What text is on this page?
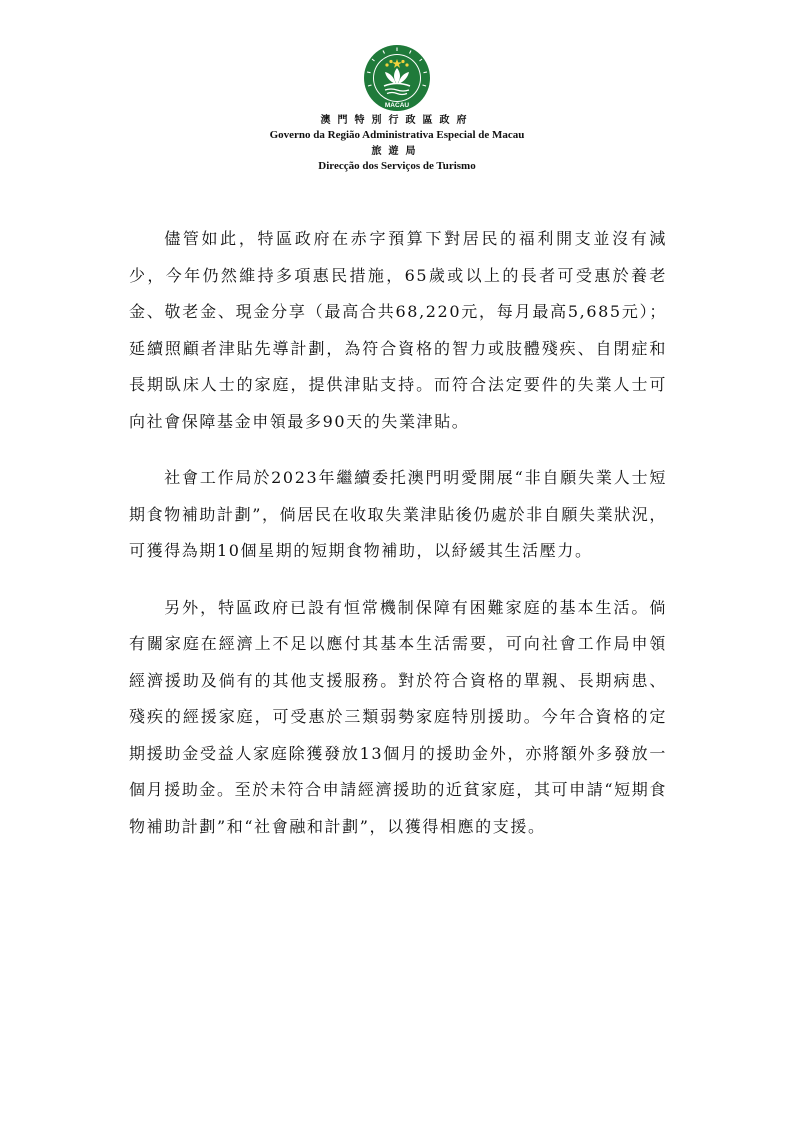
MACAU
澳門特別行政區政府
Governo da Região Administrativa Especial de Macau
旅遊局
Direcção dos Serviços de Turismo

儘管如此，特區政府在赤字預算下對居民的福利開支並沒有減少，今年仍然維持多項惠民措施，65歲或以上的長者可受惠於養老金、敬老金、現金分享（最高合共68,220元，每月最高5,685元）；延續照顧者津貼先導計劃，為符合資格的智力或肢體殘疾、自閉症和長期臥床人士的家庭，提供津貼支持。而符合法定要件的失業人士可向社會保障基金申領最多90天的失業津貼。

社會工作局於2023年繼續委托澳門明愛開展“非自願失業人士短期食物補助計劃”，倘居民在收取失業津貼後仍處於非自願失業狀況，可獲得為期10個星期的短期食物補助，以紓緩其生活壓力。

另外，特區政府已設有恒常機制保障有困難家庭的基本生活。倘有關家庭在經濟上不足以應付其基本生活需要，可向社會工作局申領經濟援助及倘有的其他支援服務。對於符合資格的單親、長期病患、殘疾的經援家庭，可受惠於三類弱勢家庭特別援助。今年合資格的定期援助金受益人家庭除獲發放13個月的援助金外，亦將額外多發放一個月援助金。至於未符合申請經濟援助的近貧家庭，其可申請“短期食物補助計劃”和“社會融和計劃”，以獲得相應的支援。
